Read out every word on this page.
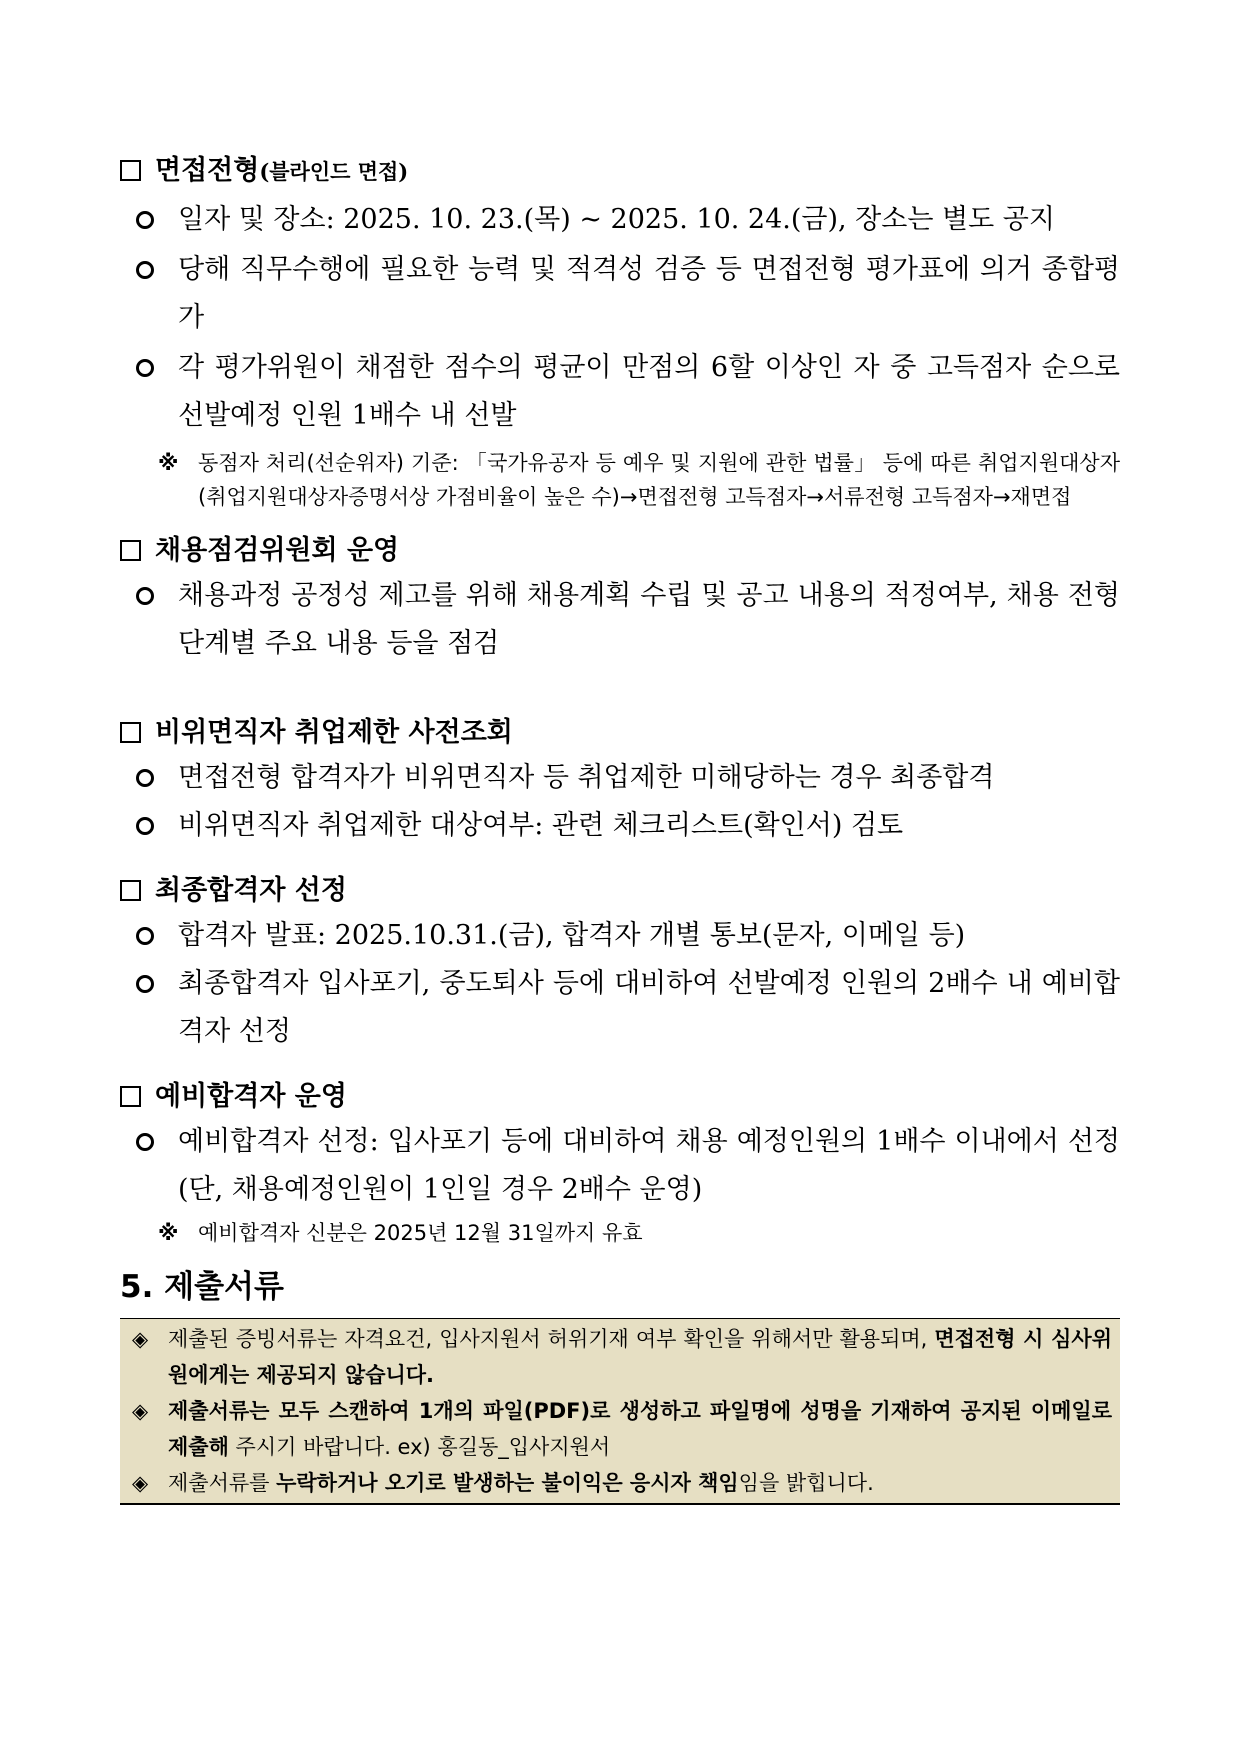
면접전형(블라인드 면접)
일자 및 장소: 2025. 10. 23.(목) ~ 2025. 10. 24.(금), 장소는 별도 공지
당해 직무수행에 필요한 능력 및 적격성 검증 등 면접전형 평가표에 의거 종합평가
각 평가위원이 채점한 점수의 평균이 만점의 6할 이상인 자 중 고득점자 순으로 선발예정 인원 1배수 내 선발
※ 동점자 처리(선순위자) 기준: 「국가유공자 등 예우 및 지원에 관한 법률」 등에 따른 취업지원대상자(취업지원대상자증명서상 가점비율이 높은 수)→면접전형 고득점자→서류전형 고득점자→재면접
채용점검위원회 운영
채용과정 공정성 제고를 위해 채용계획 수립 및 공고 내용의 적정여부, 채용 전형 단계별 주요 내용 등을 점검
비위면직자 취업제한 사전조회
면접전형 합격자가 비위면직자 등 취업제한 미해당하는 경우 최종합격
비위면직자 취업제한 대상여부: 관련 체크리스트(확인서) 검토
최종합격자 선정
합격자 발표: 2025.10.31.(금), 합격자 개별 통보(문자, 이메일 등)
최종합격자 입사포기, 중도퇴사 등에 대비하여 선발예정 인원의 2배수 내 예비합격자 선정
예비합격자 운영
예비합격자 선정: 입사포기 등에 대비하여 채용 예정인원의 1배수 이내에서 선정(단, 채용예정인원이 1인일 경우 2배수 운영)
※ 예비합격자 신분은 2025년 12월 31일까지 유효
5. 제출서류
◈ 제출된 증빙서류는 자격요건, 입사지원서 허위기재 여부 확인을 위해서만 활용되며, 면접전형 시 심사위원에게는 제공되지 않습니다.
◈ 제출서류는 모두 스캔하여 1개의 파일(PDF)로 생성하고 파일명에 성명을 기재하여 공지된 이메일로 제출해 주시기 바랍니다. ex) 홍길동_입사지원서
◈ 제출서류를 누락하거나 오기로 발생하는 불이익은 응시자 책임임을 밝힙니다.
